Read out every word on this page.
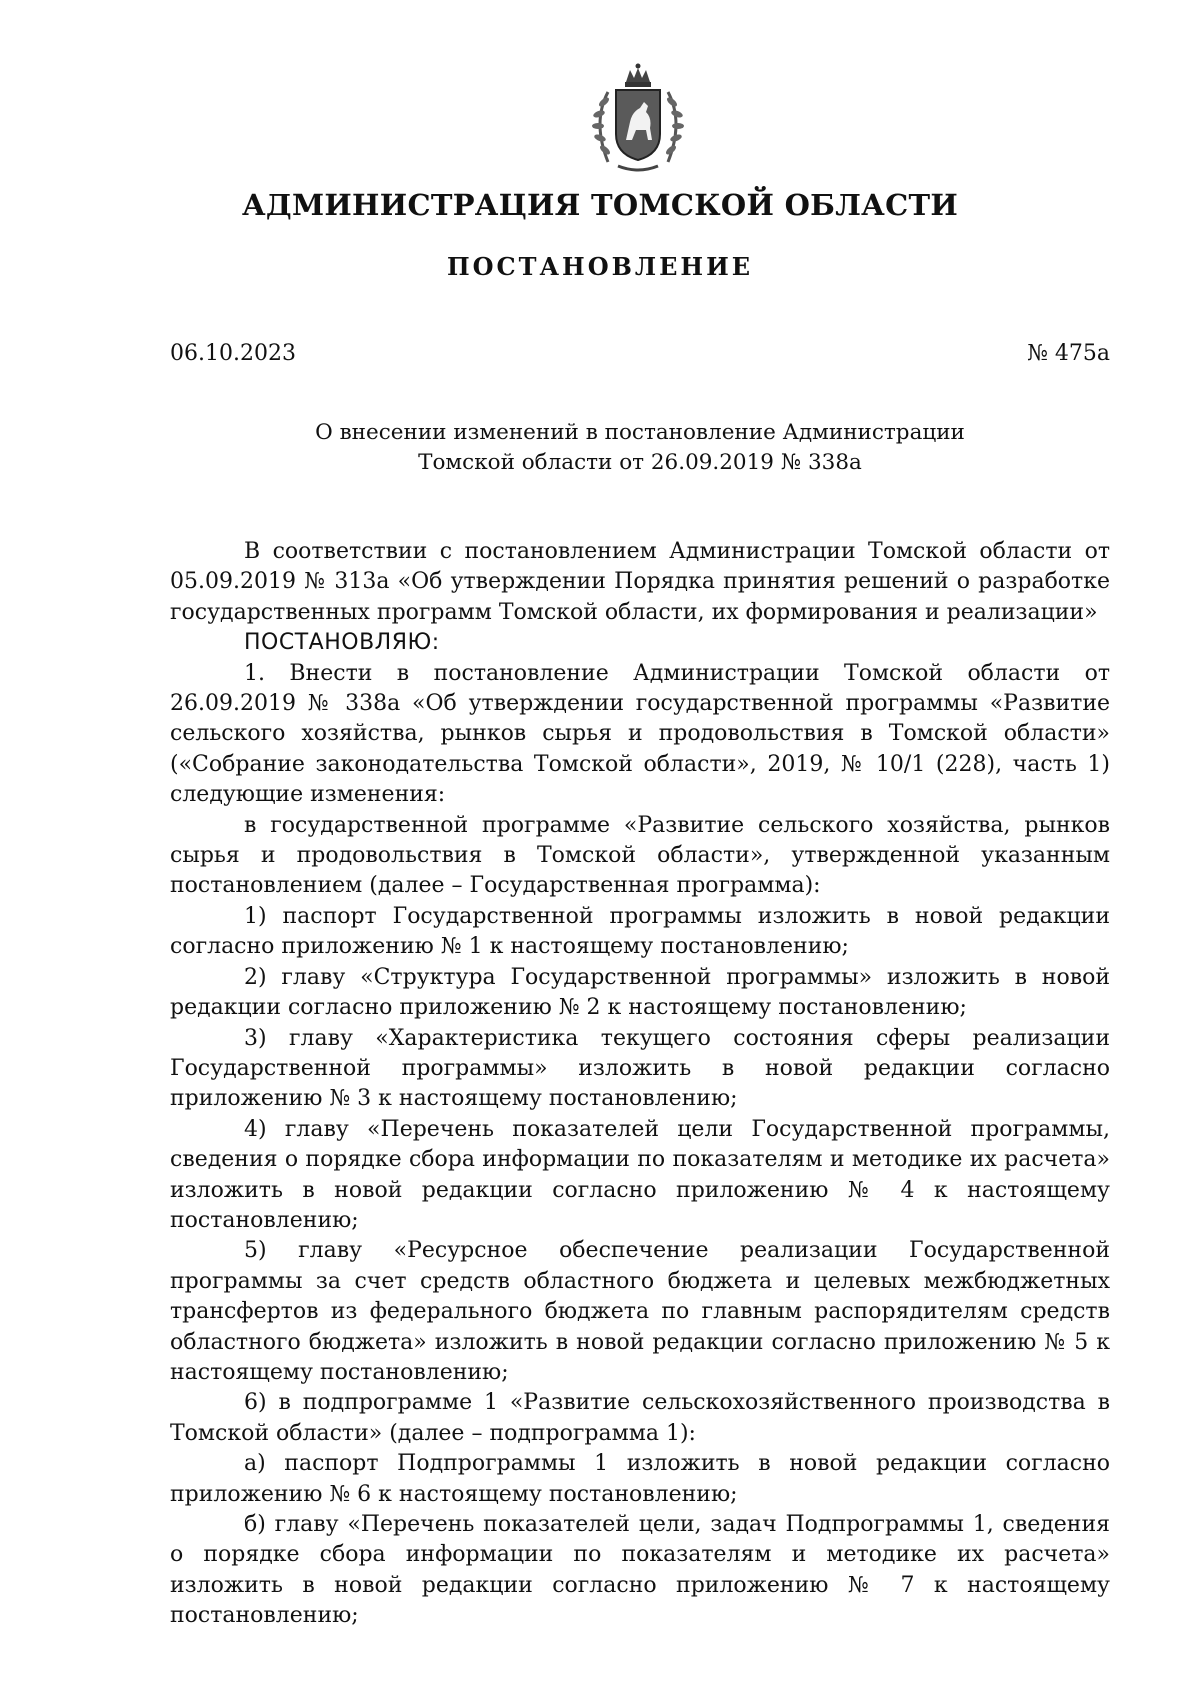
АДМИНИСТРАЦИЯ ТОМСКОЙ ОБЛАСТИ
ПОСТАНОВЛЕНИЕ
06.10.2023	№ 475а
О внесении изменений в постановление Администрации
Томской области от 26.09.2019 № 338а

В соответствии с постановлением Администрации Томской области от 05.09.2019 № 313а «Об утверждении Порядка принятия решений о разработке государственных программ Томской области, их формирования и реализации»

ПОСТАНОВЛЯЮ:

1. Внести в постановление Администрации Томской области от 26.09.2019 № 338а «Об утверждении государственной программы «Развитие сельского хозяйства, рынков сырья и продовольствия в Томской области» («Собрание законодательства Томской области», 2019, № 10/1 (228), часть 1) следующие изменения:

в государственной программе «Развитие сельского хозяйства, рынков сырья и продовольствия в Томской области», утвержденной указанным постановлением (далее – Государственная программа):

1) паспорт Государственной программы изложить в новой редакции согласно приложению № 1 к настоящему постановлению;

2) главу «Структура Государственной программы» изложить в новой редакции согласно приложению № 2 к настоящему постановлению;

3) главу «Характеристика текущего состояния сферы реализации Государственной программы» изложить в новой редакции согласно приложению № 3 к настоящему постановлению;

4) главу «Перечень показателей цели Государственной программы, сведения о порядке сбора информации по показателям и методике их расчета» изложить в новой редакции согласно приложению № 4 к настоящему постановлению;

5) главу «Ресурсное обеспечение реализации Государственной программы за счет средств областного бюджета и целевых межбюджетных трансфертов из федерального бюджета по главным распорядителям средств областного бюджета» изложить в новой редакции согласно приложению № 5 к настоящему постановлению;

6) в подпрограмме 1 «Развитие сельскохозяйственного производства в Томской области» (далее – подпрограмма 1):

а) паспорт Подпрограммы 1 изложить в новой редакции согласно приложению № 6 к настоящему постановлению;

б) главу «Перечень показателей цели, задач Подпрограммы 1, сведения о порядке сбора информации по показателям и методике их расчета» изложить в новой редакции согласно приложению № 7 к настоящему постановлению;
